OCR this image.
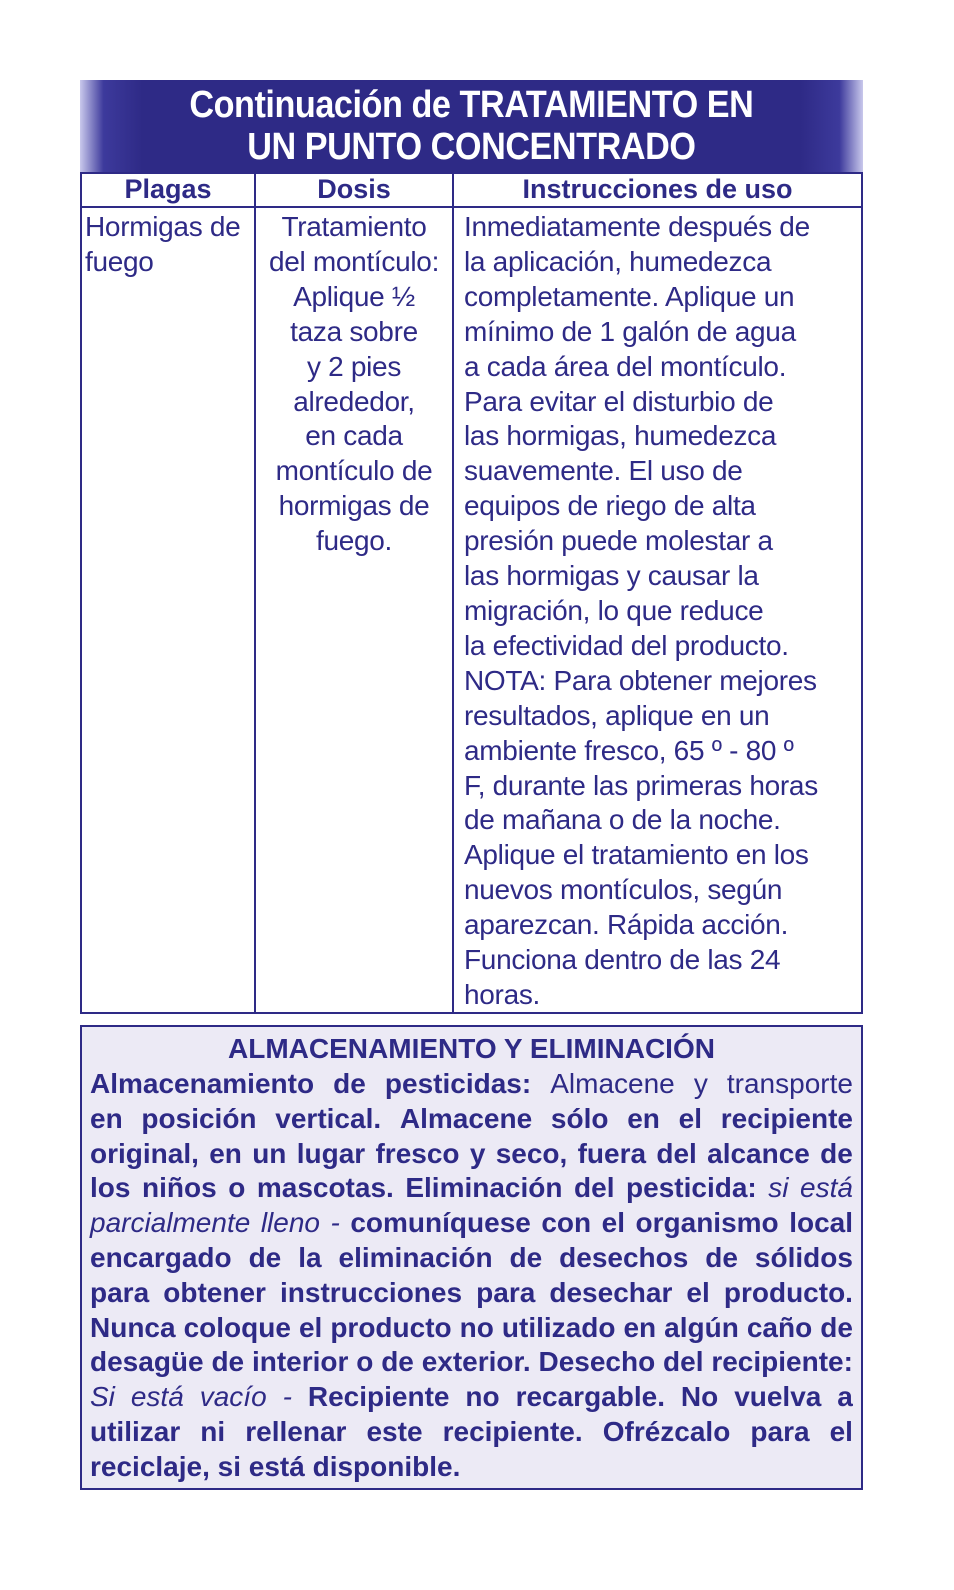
Continuación de TRATAMIENTO EN
UN PUNTO CONCENTRADO
Plagas	Dosis	Instrucciones de uso
Hormigas de
fuego
Tratamiento
del montículo:
Aplique ½
taza sobre
y 2 pies
alrededor,
en cada
montículo de
hormigas de
fuego.
Inmediatamente después de
la aplicación, humedezca
completamente. Aplique un
mínimo de 1 galón de agua
a cada área del montículo.
Para evitar el disturbio de
las hormigas, humedezca
suavemente. El uso de
equipos de riego de alta
presión puede molestar a
las hormigas y causar la
migración, lo que reduce
la efectividad del producto.
NOTA: Para obtener mejores
resultados, aplique en un
ambiente fresco, 65 º - 80 º
F, durante las primeras horas
de mañana o de la noche.
Aplique el tratamiento en los
nuevos montículos, según
aparezcan. Rápida acción.
Funciona dentro de las 24
horas.
ALMACENAMIENTO Y ELIMINACIÓN
Almacenamiento de pesticidas: Almacene y transporte
en posición vertical. Almacene sólo en el recipiente
original, en un lugar fresco y seco, fuera del alcance de
los niños o mascotas. Eliminación del pesticida: si está
parcialmente lleno - comuníquese con el organismo local
encargado de la eliminación de desechos de sólidos
para obtener instrucciones para desechar el producto.
Nunca coloque el producto no utilizado en algún caño de
desagüe de interior o de exterior. Desecho del recipiente:
Si está vacío - Recipiente no recargable. No vuelva a
utilizar ni rellenar este recipiente. Ofrézcalo para el
reciclaje, si está disponible.
